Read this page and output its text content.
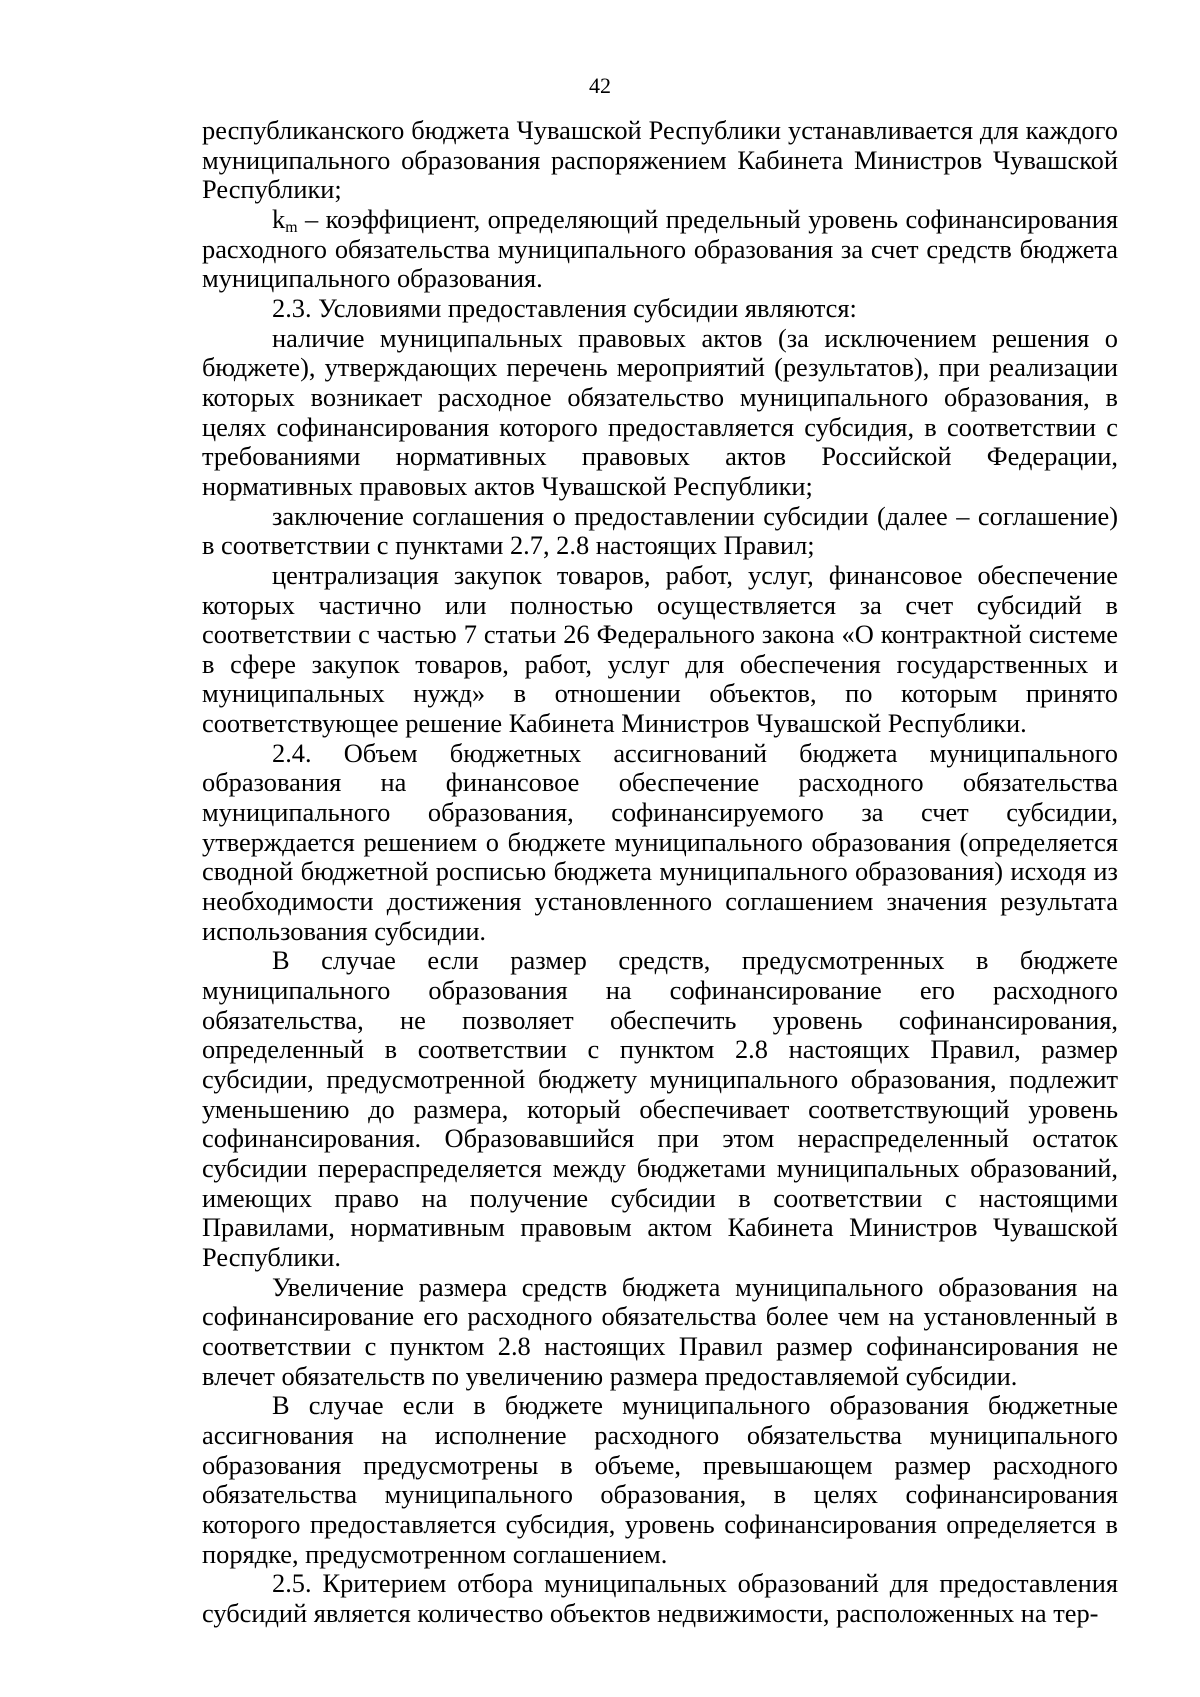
42

республиканского бюджета Чувашской Республики устанавливается для каждого муниципального образования распоряжением Кабинета Министров Чувашской Республики;

$k_m$ – коэффициент, определяющий предельный уровень софинансирования расходного обязательства муниципального образования за счет средств бюджета муниципального образования.

2.3. Условиями предоставления субсидии являются:

наличие муниципальных правовых актов (за исключением решения о бюджете), утверждающих перечень мероприятий (результатов), при реализации которых возникает расходное обязательство муниципального образования, в целях софинансирования которого предоставляется субсидия, в соответствии с требованиями нормативных правовых актов Российской Федерации, нормативных правовых актов Чувашской Республики;

заключение соглашения о предоставлении субсидии (далее – соглашение) в соответствии с пунктами 2.7, 2.8 настоящих Правил;

централизация закупок товаров, работ, услуг, финансовое обеспечение которых частично или полностью осуществляется за счет субсидий в соответствии с частью 7 статьи 26 Федерального закона «О контрактной системе в сфере закупок товаров, работ, услуг для обеспечения государственных и муниципальных нужд» в отношении объектов, по которым принято соответствующее решение Кабинета Министров Чувашской Республики.

2.4. Объем бюджетных ассигнований бюджета муниципального образования на финансовое обеспечение расходного обязательства муниципального образования, софинансируемого за счет субсидии, утверждается решением о бюджете муниципального образования (определяется сводной бюджетной росписью бюджета муниципального образования) исходя из необходимости достижения установленного соглашением значения результата использования субсидии.

В случае если размер средств, предусмотренных в бюджете муниципального образования на софинансирование его расходного обязательства, не позволяет обеспечить уровень софинансирования, определенный в соответствии с пунктом 2.8 настоящих Правил, размер субсидии, предусмотренной бюджету муниципального образования, подлежит уменьшению до размера, который обеспечивает соответствующий уровень софинансирования. Образовавшийся при этом нераспределенный остаток субсидии перераспределяется между бюджетами муниципальных образований, имеющих право на получение субсидии в соответствии с настоящими Правилами, нормативным правовым актом Кабинета Министров Чувашской Республики.

Увеличение размера средств бюджета муниципального образования на софинансирование его расходного обязательства более чем на установленный в соответствии с пунктом 2.8 настоящих Правил размер софинансирования не влечет обязательств по увеличению размера предоставляемой субсидии.

В случае если в бюджете муниципального образования бюджетные ассигнования на исполнение расходного обязательства муниципального образования предусмотрены в объеме, превышающем размер расходного обязательства муниципального образования, в целях софинансирования которого предоставляется субсидия, уровень софинансирования определяется в порядке, предусмотренном соглашением.

2.5. Критерием отбора муниципальных образований для предоставления субсидий является количество объектов недвижимости, расположенных на тер-
